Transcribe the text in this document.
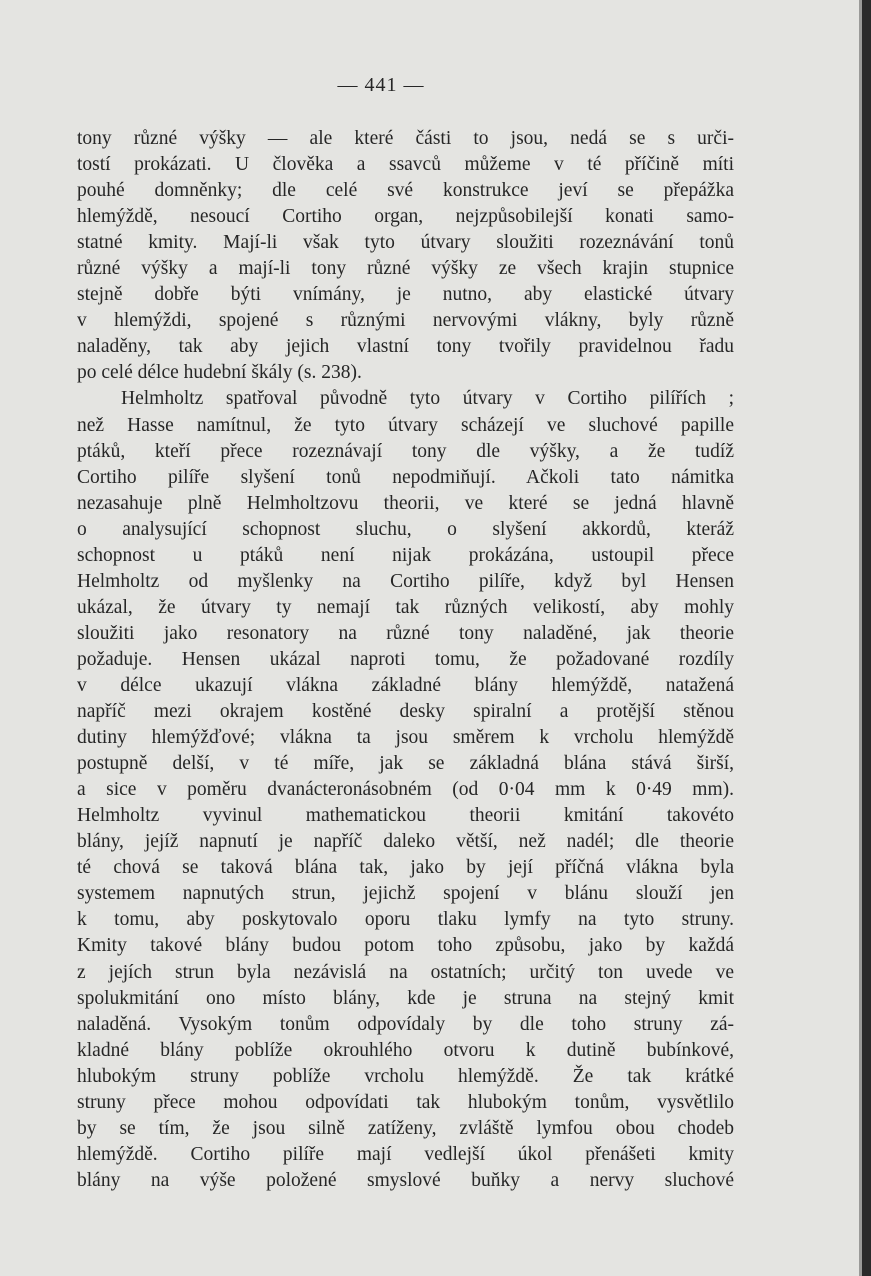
— 441 —
tony různé výšky — ale které části to jsou, nedá se s urči-
tostí prokázati. U člověka a ssavců můžeme v té příčině míti
pouhé domněnky; dle celé své konstrukce jeví se přepážka
hlemýždě, nesoucí Cortiho organ, nejzpůsobilejší konati samo-
statné kmity. Mají-li však tyto útvary sloužiti rozeznávání tonů
různé výšky a mají-li tony různé výšky ze všech krajin stupnice
stejně dobře býti vnímány, je nutno, aby elastické útvary
v hlemýždi, spojené s různými nervovými vlákny, byly různě
naladěny, tak aby jejich vlastní tony tvořily pravidelnou řadu
po celé délce hudební škály (s. 238).
Helmholtz spatřoval původně tyto útvary v Cortiho pilířích ;
než Hasse namítnul, že tyto útvary scházejí ve sluchové papille
ptáků, kteří přece rozeznávají tony dle výšky, a že tudíž
Cortiho pilíře slyšení tonů nepodmiňují. Ačkoli tato námitka
nezasahuje plně Helmholtzovu theorii, ve které se jedná hlavně
o analysující schopnost sluchu, o slyšení akkordů, kteráž
schopnost u ptáků není nijak prokázána, ustoupil přece
Helmholtz od myšlenky na Cortiho pilíře, když byl Hensen
ukázal, že útvary ty nemají tak různých velikostí, aby mohly
sloužiti jako resonatory na různé tony naladěné, jak theorie
požaduje. Hensen ukázal naproti tomu, že požadované rozdíly
v délce ukazují vlákna základné blány hlemýždě, natažená
napříč mezi okrajem kostěné desky spiralní a protější stěnou
dutiny hlemýžďové; vlákna ta jsou směrem k vrcholu hlemýždě
postupně delší, v té míře, jak se základná blána stává širší,
a sice v poměru dvanácteronásobném (od 0·04 mm k 0·49 mm).
Helmholtz vyvinul mathematickou theorii kmitání takovéto
blány, jejíž napnutí je napříč daleko větší, než nadél; dle theorie
té chová se taková blána tak, jako by její příčná vlákna byla
systemem napnutých strun, jejichž spojení v blánu slouží jen
k tomu, aby poskytovalo oporu tlaku lymfy na tyto struny.
Kmity takové blány budou potom toho způsobu, jako by každá
z jejích strun byla nezávislá na ostatních; určitý ton uvede ve
spolukmitání ono místo blány, kde je struna na stejný kmit
naladěná. Vysokým tonům odpovídaly by dle toho struny zá-
kladné blány poblíže okrouhlého otvoru k dutině bubínkové,
hlubokým struny poblíže vrcholu hlemýždě. Že tak krátké
struny přece mohou odpovídati tak hlubokým tonům, vysvětlilo
by se tím, že jsou silně zatíženy, zvláště lymfou obou chodeb
hlemýždě. Cortiho pilíře mají vedlejší úkol přenášeti kmity
blány na výše položené smyslové buňky a nervy sluchové
